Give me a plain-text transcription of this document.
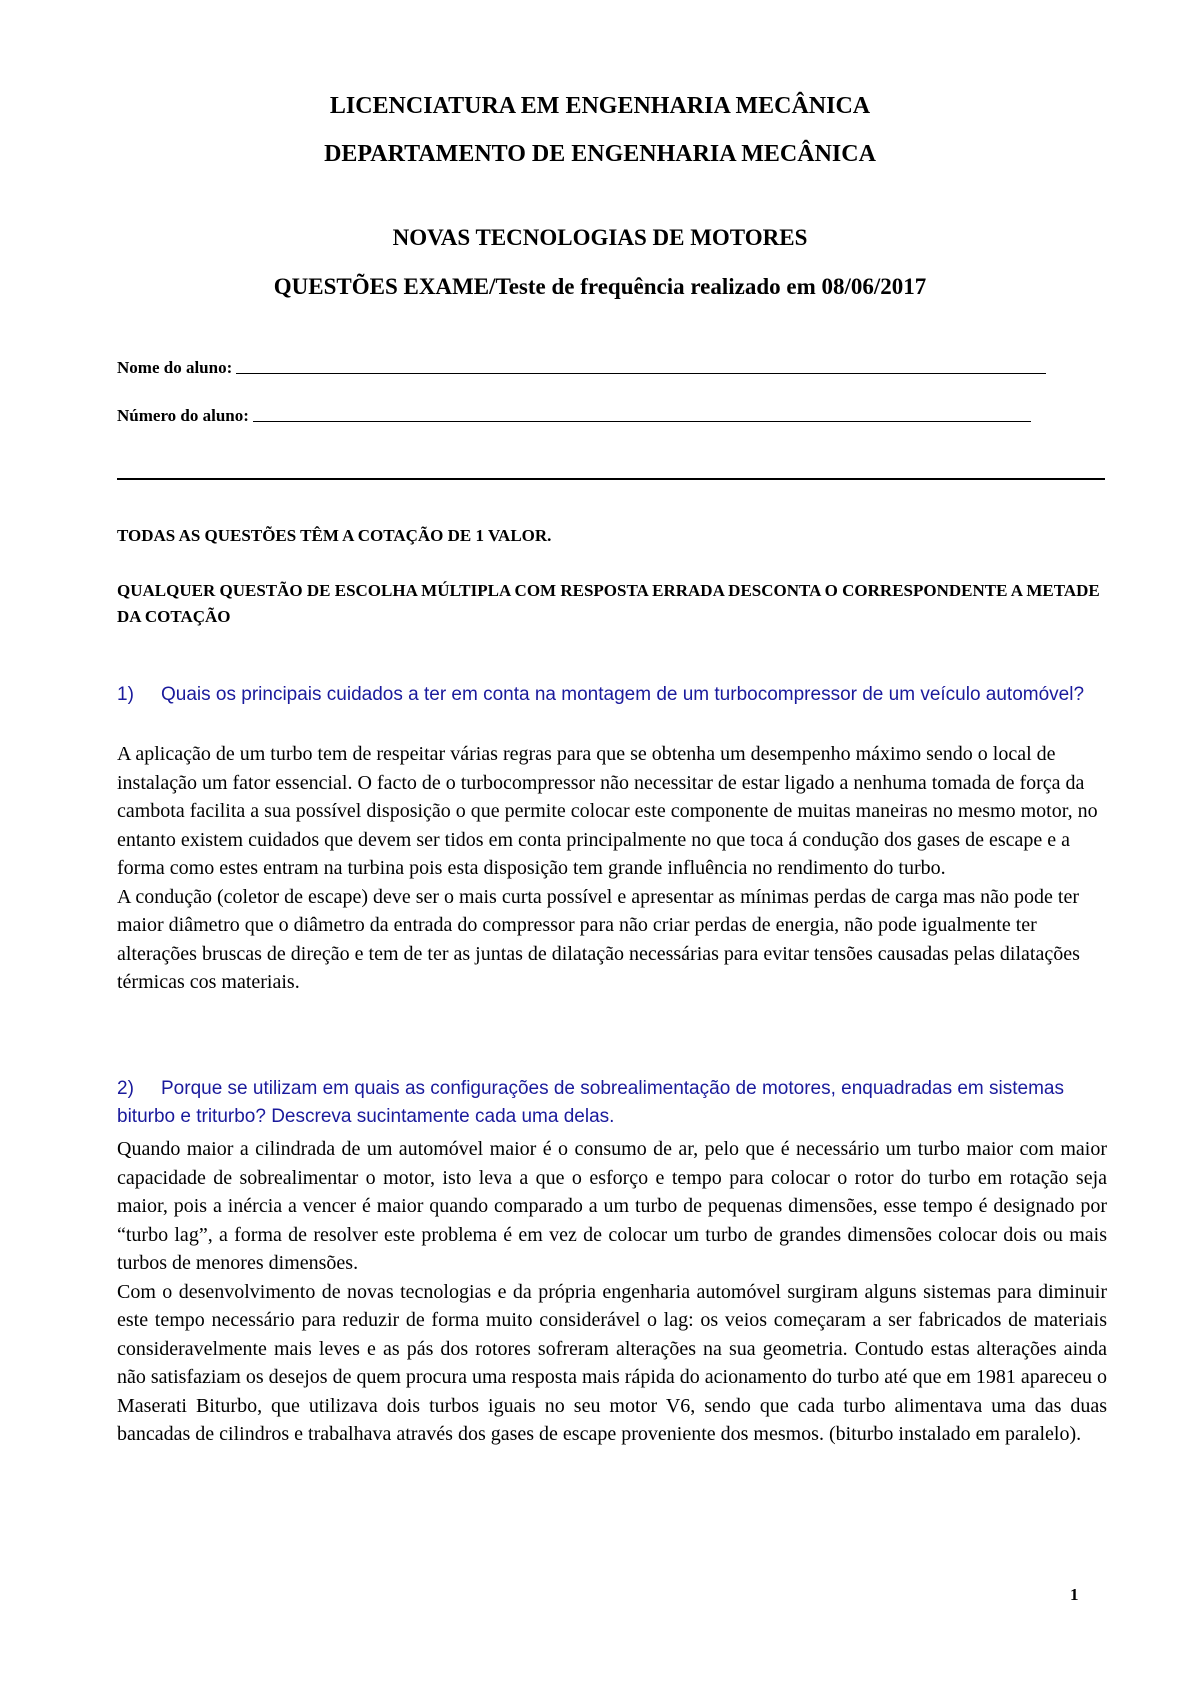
LICENCIATURA EM ENGENHARIA MECÂNICA
DEPARTAMENTO DE ENGENHARIA MECÂNICA
NOVAS TECNOLOGIAS DE MOTORES
QUESTÕES EXAME/Teste de frequência realizado em 08/06/2017
Nome do aluno:
Número do aluno:
TODAS AS QUESTÕES TÊM A COTAÇÃO DE 1 VALOR.
QUALQUER QUESTÃO DE ESCOLHA MÚLTIPLA COM RESPOSTA ERRADA DESCONTA O CORRESPONDENTE A METADE DA COTAÇÃO
1) Quais os principais cuidados a ter em conta na montagem de um turbocompressor de um veículo automóvel?

A aplicação de um turbo tem de respeitar várias regras para que se obtenha um desempenho máximo sendo o local de instalação um fator essencial. O facto de o turbocompressor não necessitar de estar ligado a nenhuma tomada de força da cambota facilita a sua possível disposição o que permite colocar este componente de muitas maneiras no mesmo motor, no entanto existem cuidados que devem ser tidos em conta principalmente no que toca á condução dos gases de escape e a forma como estes entram na turbina pois esta disposição tem grande influência no rendimento do turbo.

A condução (coletor de escape) deve ser o mais curta possível e apresentar as mínimas perdas de carga mas não pode ter maior diâmetro que o diâmetro da entrada do compressor para não criar perdas de energia, não pode igualmente ter alterações bruscas de direção e tem de ter as juntas de dilatação necessárias para evitar tensões causadas pelas dilatações térmicas cos materiais.

2) Porque se utilizam em quais as configurações de sobrealimentação de motores, enquadradas em sistemas biturbo e triturbo? Descreva sucintamente cada uma delas.

Quando maior a cilindrada de um automóvel maior é o consumo de ar, pelo que é necessário um turbo maior com maior capacidade de sobrealimentar o motor, isto leva a que o esforço e tempo para colocar o rotor do turbo em rotação seja maior, pois a inércia a vencer é maior quando comparado a um turbo de pequenas dimensões, esse tempo é designado por “turbo lag”, a forma de resolver este problema é em vez de colocar um turbo de grandes dimensões colocar dois ou mais turbos de menores dimensões.

Com o desenvolvimento de novas tecnologias e da própria engenharia automóvel surgiram alguns sistemas para diminuir este tempo necessário para reduzir de forma muito considerável o lag: os veios começaram a ser fabricados de materiais consideravelmente mais leves e as pás dos rotores sofreram alterações na sua geometria. Contudo estas alterações ainda não satisfaziam os desejos de quem procura uma resposta mais rápida do acionamento do turbo até que em 1981 apareceu o Maserati Biturbo, que utilizava dois turbos iguais no seu motor V6, sendo que cada turbo alimentava uma das duas bancadas de cilindros e trabalhava através dos gases de escape proveniente dos mesmos. (biturbo instalado em paralelo).

1
